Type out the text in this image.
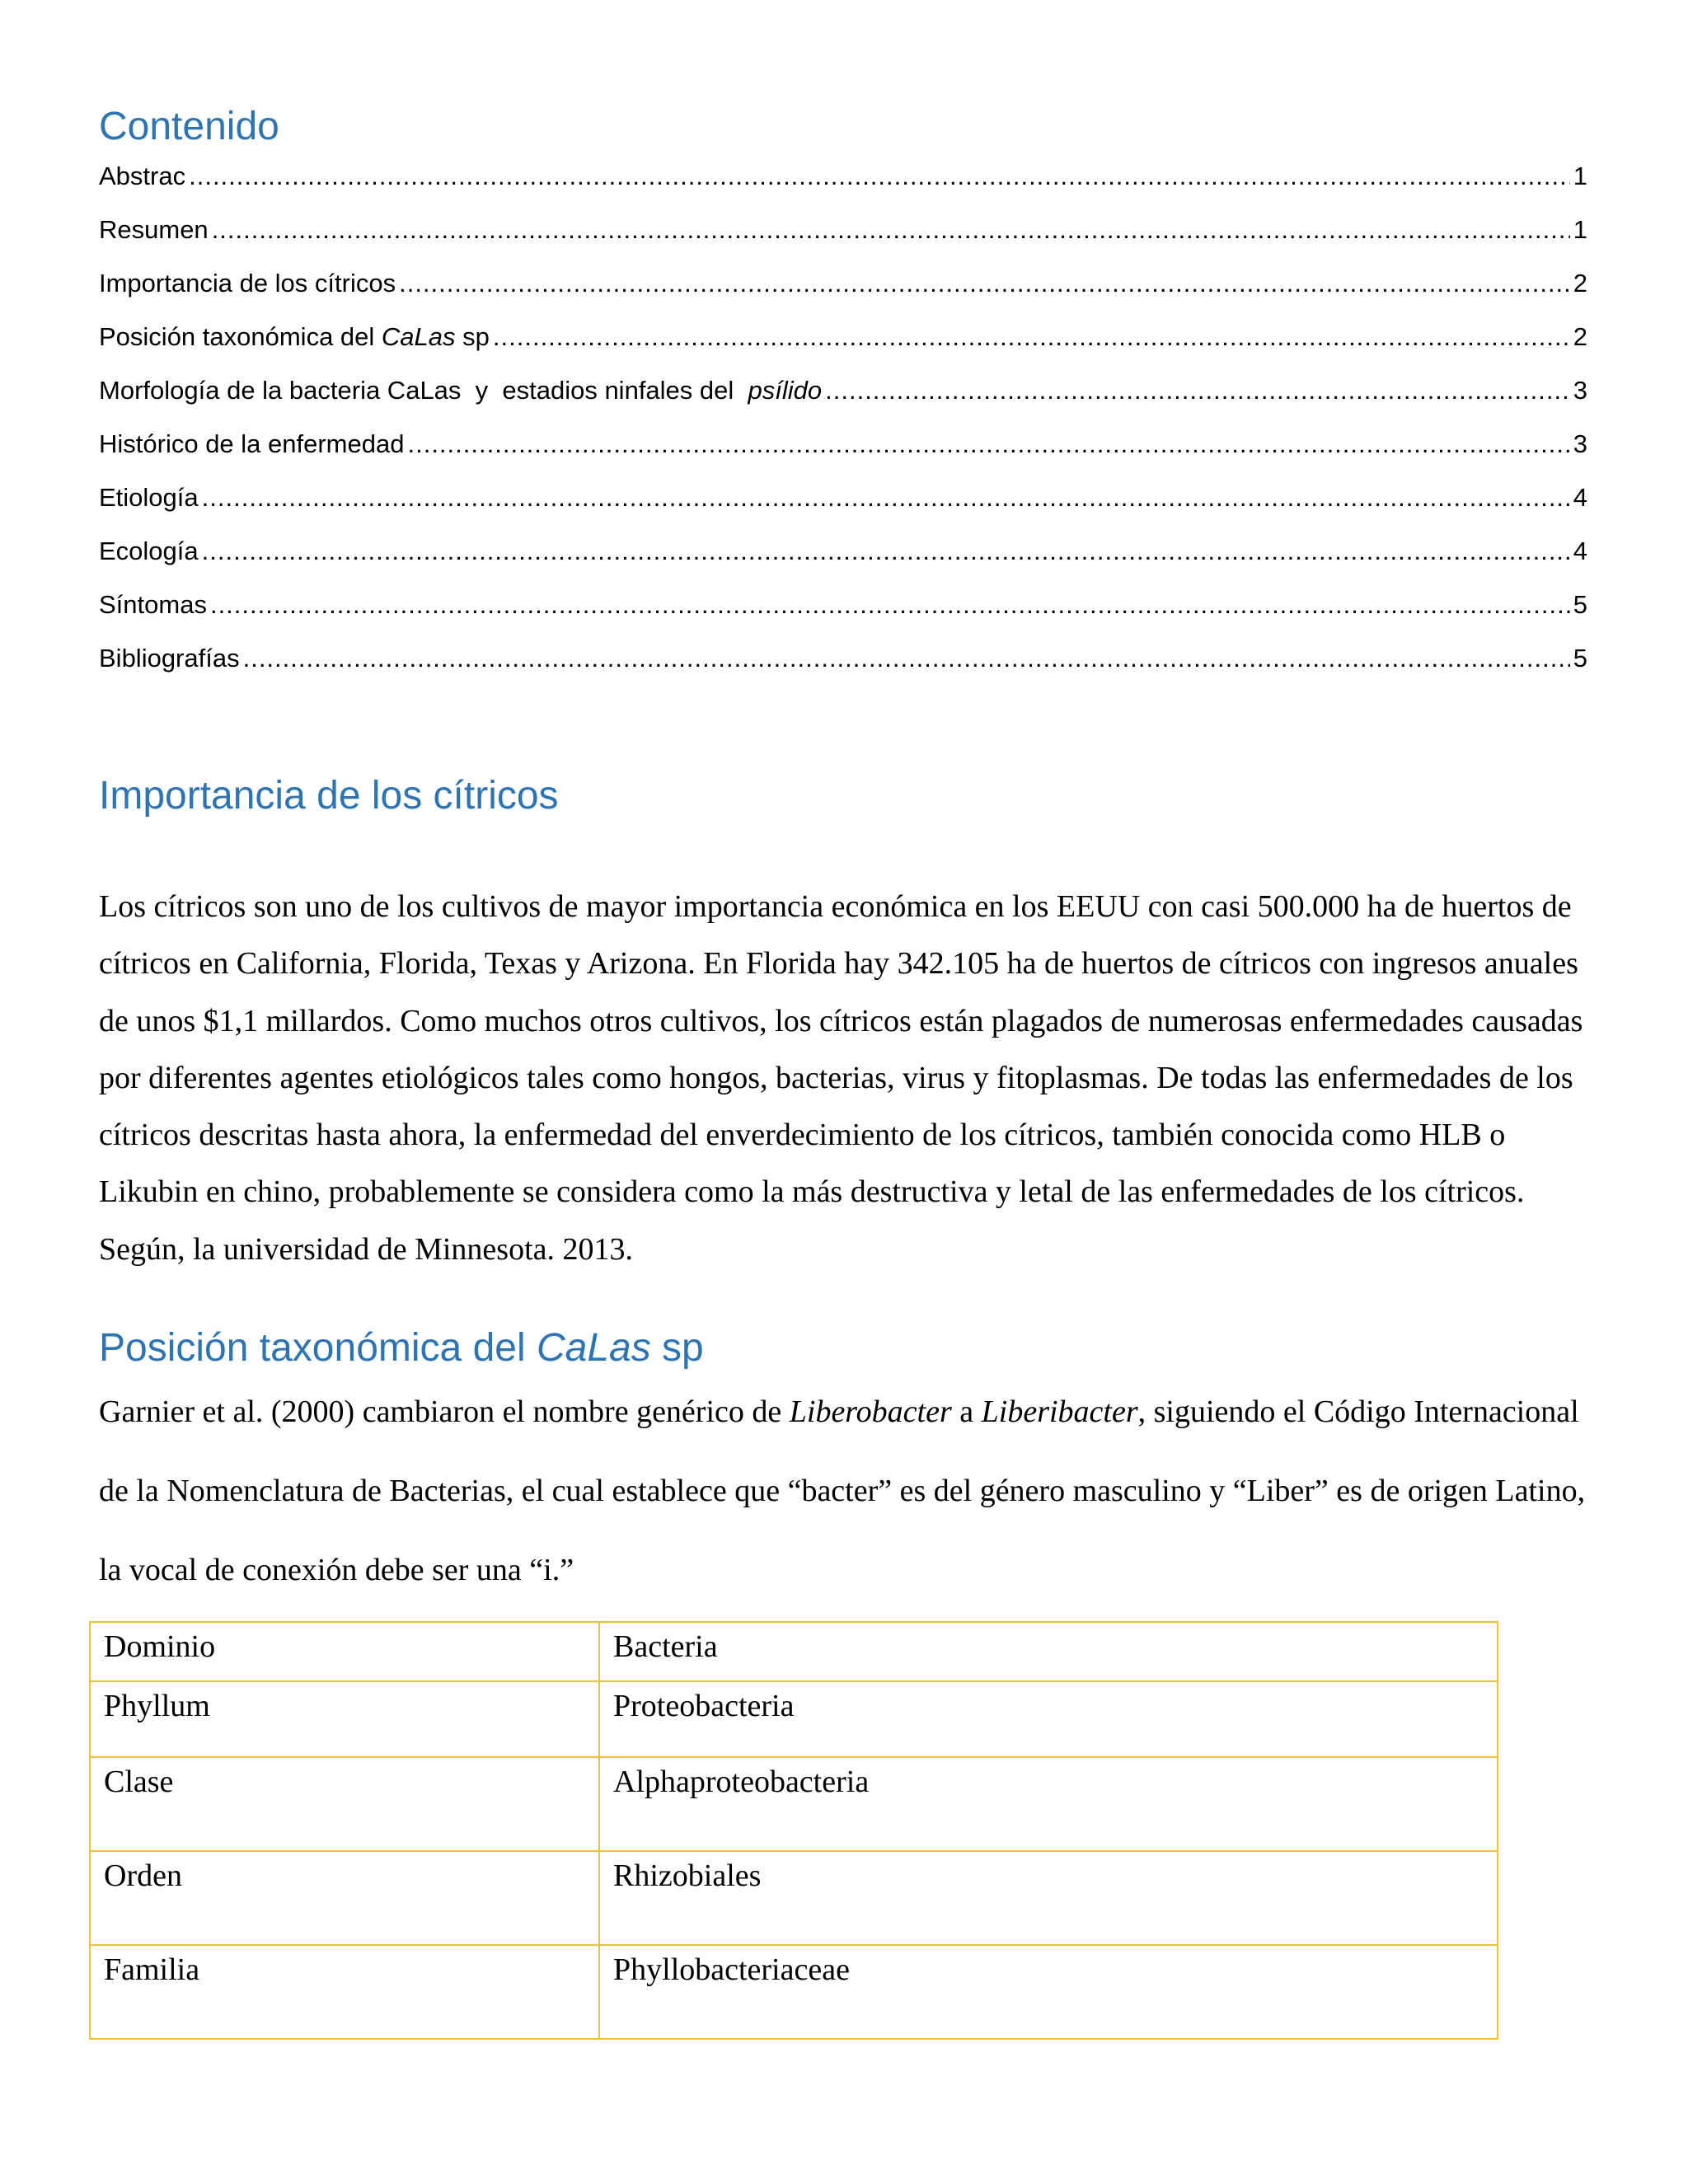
Contenido
Abstrac .....	1
Resumen .....	1
Importancia de los cítricos .....	2
Posición taxonómica del CaLas sp .....	2
Morfología de la bacteria CaLas  y  estadios ninfales del  psílido .....	3
Histórico de la enfermedad .....	3
Etiología .....	4
Ecología .....	4
Síntomas .....	5
Bibliografías .....	5
Importancia de los cítricos

Los cítricos son uno de los cultivos de mayor importancia económica en los EEUU con casi 500.000 ha de huertos de cítricos en California, Florida, Texas y Arizona. En Florida hay 342.105 ha de huertos de cítricos con ingresos anuales de unos $1,1 millardos. Como muchos otros cultivos, los cítricos están plagados de numerosas enfermedades causadas por diferentes agentes etiológicos tales como hongos, bacterias, virus y fitoplasmas. De todas las enfermedades de los cítricos descritas hasta ahora, la enfermedad del enverdecimiento de los cítricos, también conocida como HLB o Likubin en chino, probablemente se considera como la más destructiva y letal de las enfermedades de los cítricos. Según, la universidad de Minnesota. 2013.

Posición taxonómica del CaLas sp

Garnier et al. (2000) cambiaron el nombre genérico de Liberobacter a Liberibacter, siguiendo el Código Internacional de la Nomenclatura de Bacterias, el cual establece que “bacter” es del género masculino y “Liber” es de origen Latino, la vocal de conexión debe ser una “i.”

Dominio	Bacteria
Phyllum	Proteobacteria
Clase	Alphaproteobacteria
Orden	Rhizobiales
Familia	Phyllobacteriaceae
